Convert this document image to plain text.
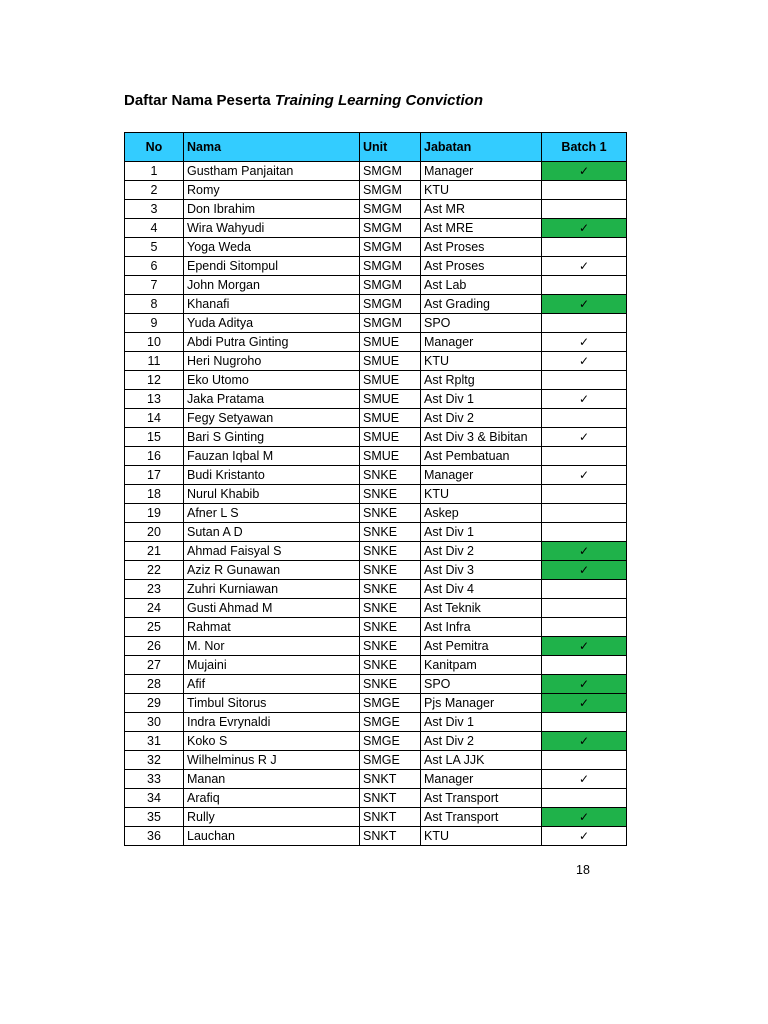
Daftar Nama Peserta Training Learning Conviction
No	Nama	Unit	Jabatan	Batch 1
1	Gustham Panjaitan	SMGM	Manager	✓
2	Romy	SMGM	KTU	
3	Don Ibrahim	SMGM	Ast MR	
4	Wira Wahyudi	SMGM	Ast MRE	✓
5	Yoga Weda	SMGM	Ast Proses	
6	Ependi Sitompul	SMGM	Ast Proses	✓
7	John Morgan	SMGM	Ast Lab	
8	Khanafi	SMGM	Ast Grading	✓
9	Yuda Aditya	SMGM	SPO	
10	Abdi Putra Ginting	SMUE	Manager	✓
11	Heri Nugroho	SMUE	KTU	✓
12	Eko Utomo	SMUE	Ast Rpltg	
13	Jaka Pratama	SMUE	Ast Div 1	✓
14	Fegy Setyawan	SMUE	Ast Div 2	
15	Bari S Ginting	SMUE	Ast Div 3 & Bibitan	✓
16	Fauzan Iqbal M	SMUE	Ast Pembatuan	
17	Budi Kristanto	SNKE	Manager	✓
18	Nurul Khabib	SNKE	KTU	
19	Afner L S	SNKE	Askep	
20	Sutan A D	SNKE	Ast Div 1	
21	Ahmad Faisyal S	SNKE	Ast Div 2	✓
22	Aziz R Gunawan	SNKE	Ast Div 3	✓
23	Zuhri Kurniawan	SNKE	Ast Div 4	
24	Gusti Ahmad M	SNKE	Ast Teknik	
25	Rahmat	SNKE	Ast Infra	
26	M. Nor	SNKE	Ast Pemitra	✓
27	Mujaini	SNKE	Kanitpam	
28	Afif	SNKE	SPO	✓
29	Timbul Sitorus	SMGE	Pjs Manager	✓
30	Indra Evrynaldi	SMGE	Ast Div 1	
31	Koko S	SMGE	Ast Div 2	✓
32	Wilhelminus R J	SMGE	Ast LA JJK	
33	Manan	SNKT	Manager	✓
34	Arafiq	SNKT	Ast Transport	
35	Rully	SNKT	Ast Transport	✓
36	Lauchan	SNKT	KTU	✓
18
